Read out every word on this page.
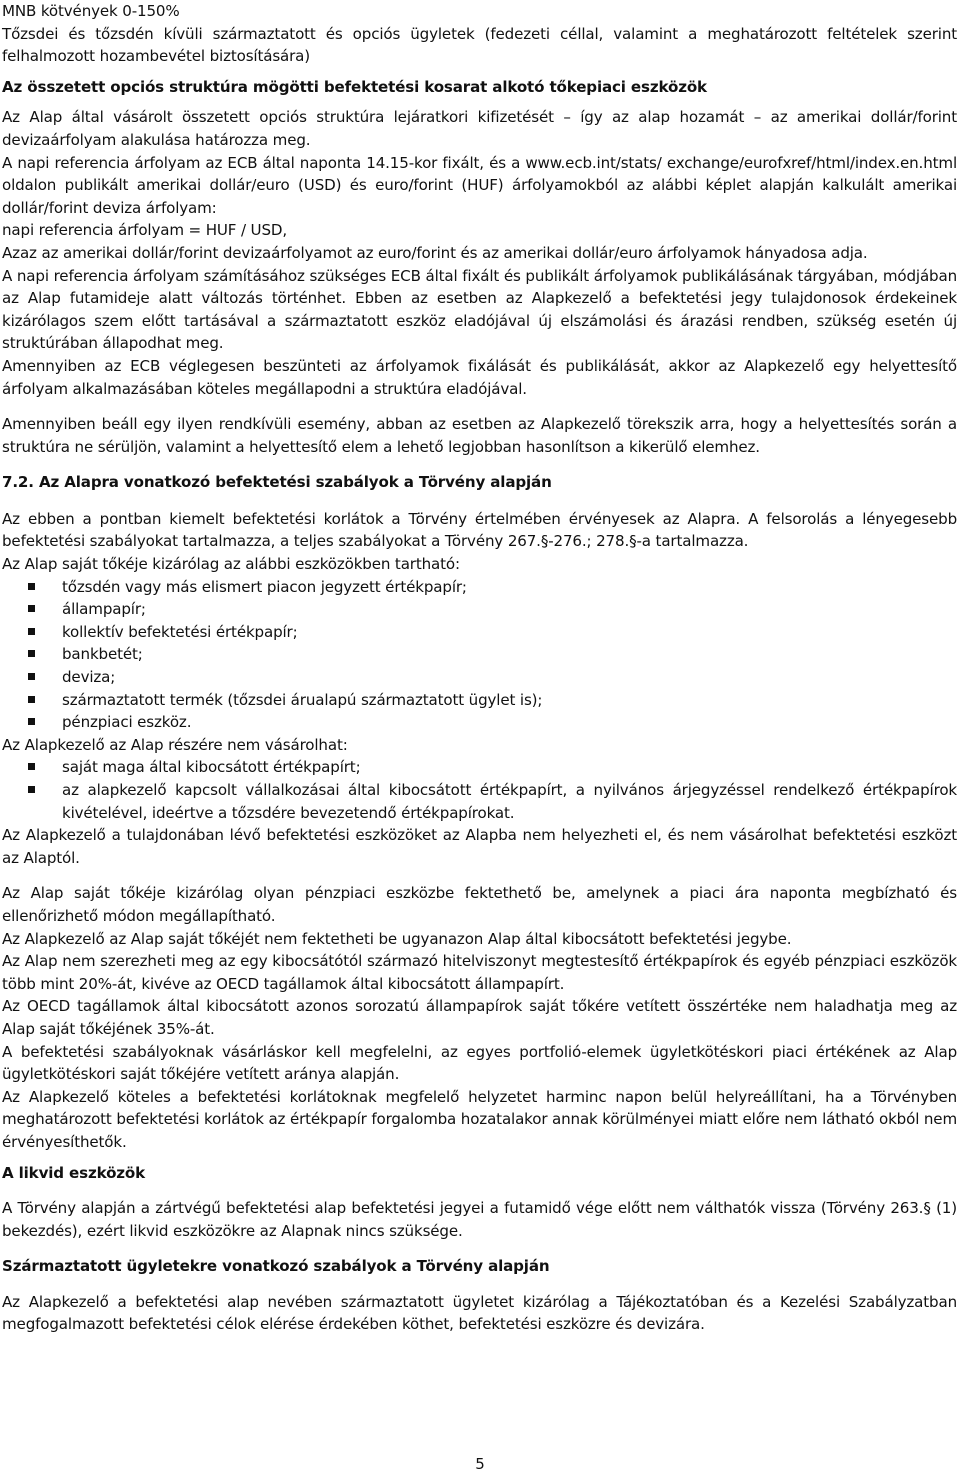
MNB kötvények 0-150%

Tőzsdei és tőzsdén kívüli származtatott és opciós ügyletek (fedezeti céllal, valamint a meghatározott feltételek szerint felhalmozott hozambevétel biztosítására)

Az összetett opciós struktúra mögötti befektetési kosarat alkotó tőkepiaci eszközök

Az Alap által vásárolt összetett opciós struktúra lejáratkori kifizetését – így az alap hozamát – az amerikai dollár/forint devizaárfolyam alakulása határozza meg.

A napi referencia árfolyam az ECB által naponta 14.15-kor fixált, és a www.ecb.int/stats/ exchange/eurofxref/html/index.en.html oldalon publikált amerikai dollár/euro (USD) és euro/forint (HUF) árfolyamokból az alábbi képlet alapján kalkulált amerikai dollár/forint deviza árfolyam:

napi referencia árfolyam = HUF / USD,

Azaz az amerikai dollár/forint devizaárfolyamot az euro/forint és az amerikai dollár/euro árfolyamok hányadosa adja.

A napi referencia árfolyam számításához szükséges ECB által fixált és publikált árfolyamok publikálásának tárgyában, módjában az Alap futamideje alatt változás történhet. Ebben az esetben az Alapkezelő a befektetési jegy tulajdonosok érdekeinek kizárólagos szem előtt tartásával a származtatott eszköz eladójával új elszámolási és árazási rendben, szükség esetén új struktúrában állapodhat meg.

Amennyiben az ECB véglegesen beszünteti az árfolyamok fixálását és publikálását, akkor az Alapkezelő egy helyettesítő árfolyam alkalmazásában köteles megállapodni a struktúra eladójával.

Amennyiben beáll egy ilyen rendkívüli esemény, abban az esetben az Alapkezelő törekszik arra, hogy a helyettesítés során a struktúra ne sérüljön, valamint a helyettesítő elem a lehető legjobban hasonlítson a kikerülő elemhez.

7.2. Az Alapra vonatkozó befektetési szabályok a Törvény alapján

Az ebben a pontban kiemelt befektetési korlátok a Törvény értelmében érvényesek az Alapra. A felsorolás a lényegesebb befektetési szabályokat tartalmazza, a teljes szabályokat a Törvény 267.§-276.; 278.§-a tartalmazza.

Az Alap saját tőkéje kizárólag az alábbi eszközökben tartható:

tőzsdén vagy más elismert piacon jegyzett értékpapír;
állampapír;
kollektív befektetési értékpapír;
bankbetét;
deviza;
származtatott termék (tőzsdei árualapú származtatott ügylet is);
pénzpiaci eszköz.

Az Alapkezelő az Alap részére nem vásárolhat:

saját maga által kibocsátott értékpapírt;
az alapkezelő kapcsolt vállalkozásai által kibocsátott értékpapírt, a nyilvános árjegyzéssel rendelkező értékpapírok kivételével, ideértve a tőzsdére bevezetendő értékpapírokat.

Az Alapkezelő a tulajdonában lévő befektetési eszközöket az Alapba nem helyezheti el, és nem vásárolhat befektetési eszközt az Alaptól.

Az Alap saját tőkéje kizárólag olyan pénzpiaci eszközbe fektethető be, amelynek a piaci ára naponta megbízható és ellenőrizhető módon megállapítható.

Az Alapkezelő az Alap saját tőkéjét nem fektetheti be ugyanazon Alap által kibocsátott befektetési jegybe.

Az Alap nem szerezheti meg az egy kibocsátótól származó hitelviszonyt megtestesítő értékpapírok és egyéb pénzpiaci eszközök több mint 20%-át, kivéve az OECD tagállamok által kibocsátott állampapírt.

Az OECD tagállamok által kibocsátott azonos sorozatú állampapírok saját tőkére vetített összértéke nem haladhatja meg az Alap saját tőkéjének 35%-át.

A befektetési szabályoknak vásárláskor kell megfelelni, az egyes portfolió-elemek ügyletkötéskori piaci értékének az Alap ügyletkötéskori saját tőkéjére vetített aránya alapján.

Az Alapkezelő köteles a befektetési korlátoknak megfelelő helyzetet harminc napon belül helyreállítani, ha a Törvényben meghatározott befektetési korlátok az értékpapír forgalomba hozatalakor annak körülményei miatt előre nem látható okból nem érvényesíthetők.

A likvid eszközök

A Törvény alapján a zártvégű befektetési alap befektetési jegyei a futamidő vége előtt nem válthatók vissza (Törvény 263.§ (1) bekezdés), ezért likvid eszközökre az Alapnak nincs szüksége.

Származtatott ügyletekre vonatkozó szabályok a Törvény alapján

Az Alapkezelő a befektetési alap nevében származtatott ügyletet kizárólag a Tájékoztatóban és a Kezelési Szabályzatban megfogalmazott befektetési célok elérése érdekében köthet, befektetési eszközre és devizára.

5
